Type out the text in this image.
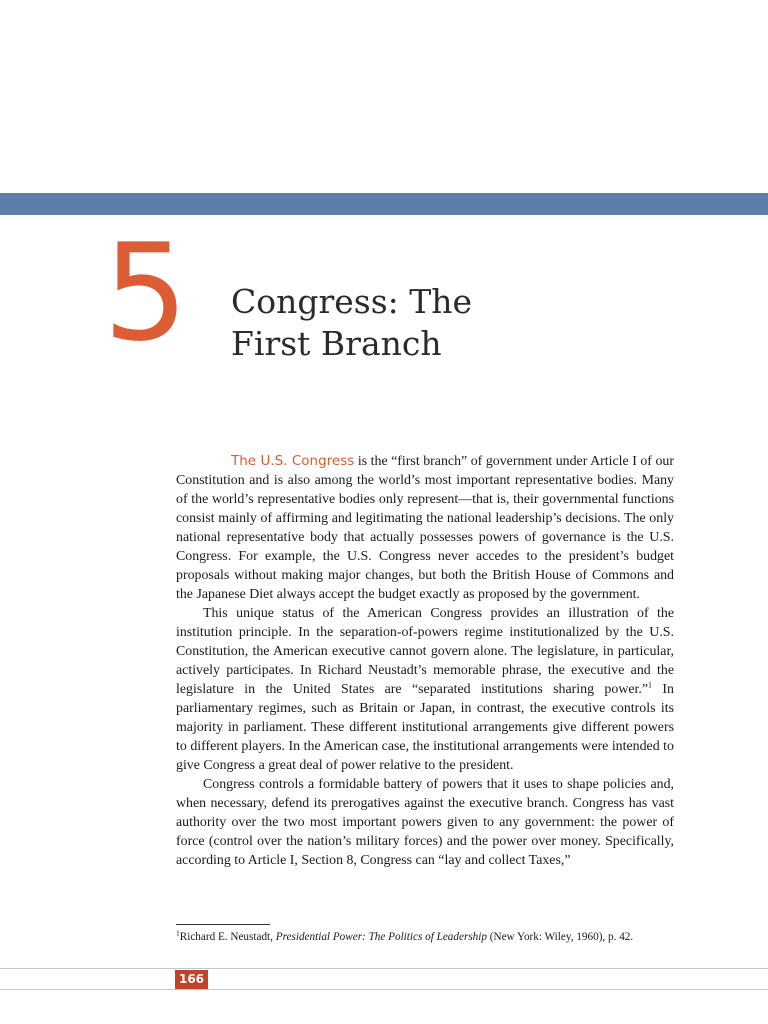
5 Congress: The
First Branch

The U.S. Congress is the “first branch” of government under Article I of our Constitution and is also among the world’s most important representative bodies. Many of the world’s representative bodies only represent—that is, their governmental functions consist mainly of affirming and legitimating the national leadership’s decisions. The only national representative body that actually possesses powers of governance is the U.S. Congress. For example, the U.S. Congress never accedes to the president’s budget proposals without making major changes, but both the British House of Commons and the Japanese Diet always accept the budget exactly as proposed by the government.

This unique status of the American Congress provides an illustration of the institution principle. In the separation-of-powers regime institutionalized by the U.S. Constitution, the American executive cannot govern alone. The legislature, in particular, actively participates. In Richard Neustadt’s memorable phrase, the executive and the legislature in the United States are “separated institutions sharing power.”$^1$ In parliamentary regimes, such as Britain or Japan, in contrast, the executive controls its majority in parliament. These different institutional arrangements give different powers to different players. In the American case, the institutional arrangements were intended to give Congress a great deal of power relative to the president.

Congress controls a formidable battery of powers that it uses to shape policies and, when necessary, defend its prerogatives against the executive branch. Congress has vast authority over the two most important powers given to any government: the power of force (control over the nation’s military forces) and the power over money. Specifically, according to Article I, Section 8, Congress can “lay and collect Taxes,”

$^1$Richard E. Neustadt, Presidential Power: The Politics of Leadership (New York: Wiley, 1960), p. 42.
166
